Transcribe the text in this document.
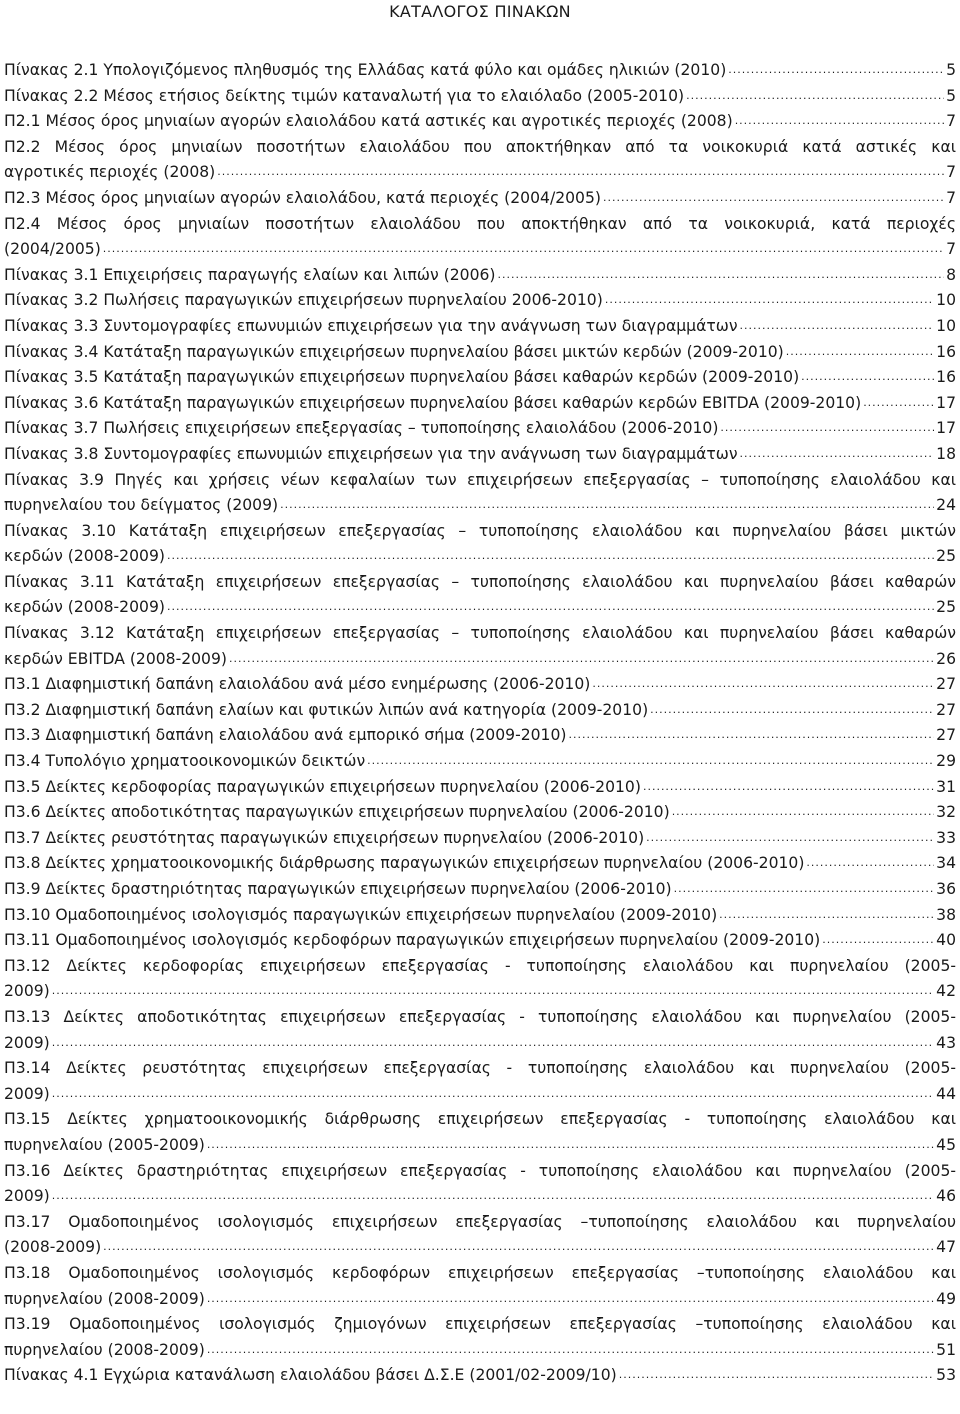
ΚΑΤΑΛΟΓΟΣ ΠΙΝΑΚΩΝ
Πίνακας 2.1 Υπολογιζόμενος πληθυσμός της Ελλάδας κατά φύλο και ομάδες ηλικιών (2010) .....	5
Πίνακας 2.2 Μέσος ετήσιος δείκτης τιμών καταναλωτή για το ελαιόλαδο (2005-2010) .....	5
Π2.1 Μέσος όρος μηνιαίων αγορών ελαιολάδου κατά αστικές και αγροτικές περιοχές (2008) .....	7
Π2.2 Μέσος όρος μηνιαίων ποσοτήτων ελαιολάδου που αποκτήθηκαν από τα νοικοκυριά κατά αστικές και
αγροτικές περιοχές (2008) .....	7
Π2.3 Μέσος όρος μηνιαίων αγορών ελαιολάδου, κατά περιοχές (2004/2005) .....	7
Π2.4 Μέσος όρος μηνιαίων ποσοτήτων ελαιολάδου που αποκτήθηκαν από τα νοικοκυριά, κατά περιοχές
(2004/2005) .....	7
Πίνακας 3.1 Επιχειρήσεις παραγωγής ελαίων και λιπών (2006) .....	8
Πίνακας 3.2 Πωλήσεις παραγωγικών επιχειρήσεων πυρηνελαίου 2006-2010) .....	10
Πίνακας 3.3 Συντομογραφίες επωνυμιών επιχειρήσεων για την ανάγνωση των διαγραμμάτων .....	10
Πίνακας 3.4 Κατάταξη παραγωγικών επιχειρήσεων πυρηνελαίου βάσει μικτών κερδών (2009-2010) .....	16
Πίνακας 3.5 Κατάταξη παραγωγικών επιχειρήσεων πυρηνελαίου βάσει καθαρών κερδών (2009-2010) .....	16
Πίνακας 3.6 Κατάταξη παραγωγικών επιχειρήσεων πυρηνελαίου βάσει καθαρών κερδών EBITDA (2009-2010) .....	17
Πίνακας 3.7 Πωλήσεις επιχειρήσεων επεξεργασίας – τυποποίησης ελαιολάδου (2006-2010) .....	17
Πίνακας 3.8 Συντομογραφίες επωνυμιών επιχειρήσεων για την ανάγνωση των διαγραμμάτων .....	18
Πίνακας 3.9 Πηγές και χρήσεις νέων κεφαλαίων των επιχειρήσεων επεξεργασίας – τυποποίησης ελαιολάδου και
πυρηνελαίου του δείγματος (2009) .....	24
Πίνακας 3.10 Κατάταξη επιχειρήσεων επεξεργασίας – τυποποίησης ελαιολάδου και πυρηνελαίου βάσει μικτών
κερδών (2008-2009) .....	25
Πίνακας 3.11 Κατάταξη επιχειρήσεων επεξεργασίας – τυποποίησης ελαιολάδου και πυρηνελαίου βάσει καθαρών
κερδών (2008-2009) .....	25
Πίνακας 3.12 Κατάταξη επιχειρήσεων επεξεργασίας – τυποποίησης ελαιολάδου και πυρηνελαίου βάσει καθαρών
κερδών EBITDA (2008-2009) .....	26
Π3.1 Διαφημιστική δαπάνη ελαιολάδου ανά μέσο ενημέρωσης (2006-2010) .....	27
Π3.2 Διαφημιστική δαπάνη ελαίων και φυτικών λιπών ανά κατηγορία (2009-2010) .....	27
Π3.3 Διαφημιστική δαπάνη ελαιολάδου ανά εμπορικό σήμα (2009-2010) .....	27
Π3.4 Τυπολόγιο χρηματοοικονομικών δεικτών .....	29
Π3.5 Δείκτες κερδοφορίας παραγωγικών επιχειρήσεων πυρηνελαίου (2006-2010) .....	31
Π3.6 Δείκτες αποδοτικότητας παραγωγικών επιχειρήσεων πυρηνελαίου (2006-2010) .....	32
Π3.7 Δείκτες ρευστότητας παραγωγικών επιχειρήσεων πυρηνελαίου (2006-2010) .....	33
Π3.8 Δείκτες χρηματοοικονομικής διάρθρωσης παραγωγικών επιχειρήσεων πυρηνελαίου (2006-2010) .....	34
Π3.9 Δείκτες δραστηριότητας παραγωγικών επιχειρήσεων πυρηνελαίου (2006-2010) .....	36
Π3.10 Ομαδοποιημένος ισολογισμός παραγωγικών επιχειρήσεων πυρηνελαίου (2009-2010) .....	38
Π3.11 Ομαδοποιημένος ισολογισμός κερδοφόρων παραγωγικών επιχειρήσεων πυρηνελαίου (2009-2010) .....	40
Π3.12 Δείκτες κερδοφορίας επιχειρήσεων επεξεργασίας - τυποποίησης ελαιολάδου και πυρηνελαίου (2005-
2009) .....	42
Π3.13 Δείκτες αποδοτικότητας επιχειρήσεων επεξεργασίας - τυποποίησης ελαιολάδου και πυρηνελαίου (2005-
2009) .....	43
Π3.14 Δείκτες ρευστότητας επιχειρήσεων επεξεργασίας - τυποποίησης ελαιολάδου και πυρηνελαίου (2005-
2009) .....	44
Π3.15 Δείκτες χρηματοοικονομικής διάρθρωσης επιχειρήσεων επεξεργασίας - τυποποίησης ελαιολάδου και
πυρηνελαίου (2005-2009) .....	45
Π3.16 Δείκτες δραστηριότητας επιχειρήσεων επεξεργασίας - τυποποίησης ελαιολάδου και πυρηνελαίου (2005-
2009) .....	46
Π3.17 Ομαδοποιημένος ισολογισμός επιχειρήσεων επεξεργασίας –τυποποίησης ελαιολάδου και πυρηνελαίου
(2008-2009) .....	47
Π3.18 Ομαδοποιημένος ισολογισμός κερδοφόρων επιχειρήσεων επεξεργασίας –τυποποίησης ελαιολάδου και
πυρηνελαίου (2008-2009) .....	49
Π3.19 Ομαδοποιημένος ισολογισμός ζημιογόνων επιχειρήσεων επεξεργασίας –τυποποίησης ελαιολάδου και
πυρηνελαίου (2008-2009) .....	51
Πίνακας 4.1 Εγχώρια κατανάλωση ελαιολάδου βάσει Δ.Σ.Ε (2001/02-2009/10) .....	53
